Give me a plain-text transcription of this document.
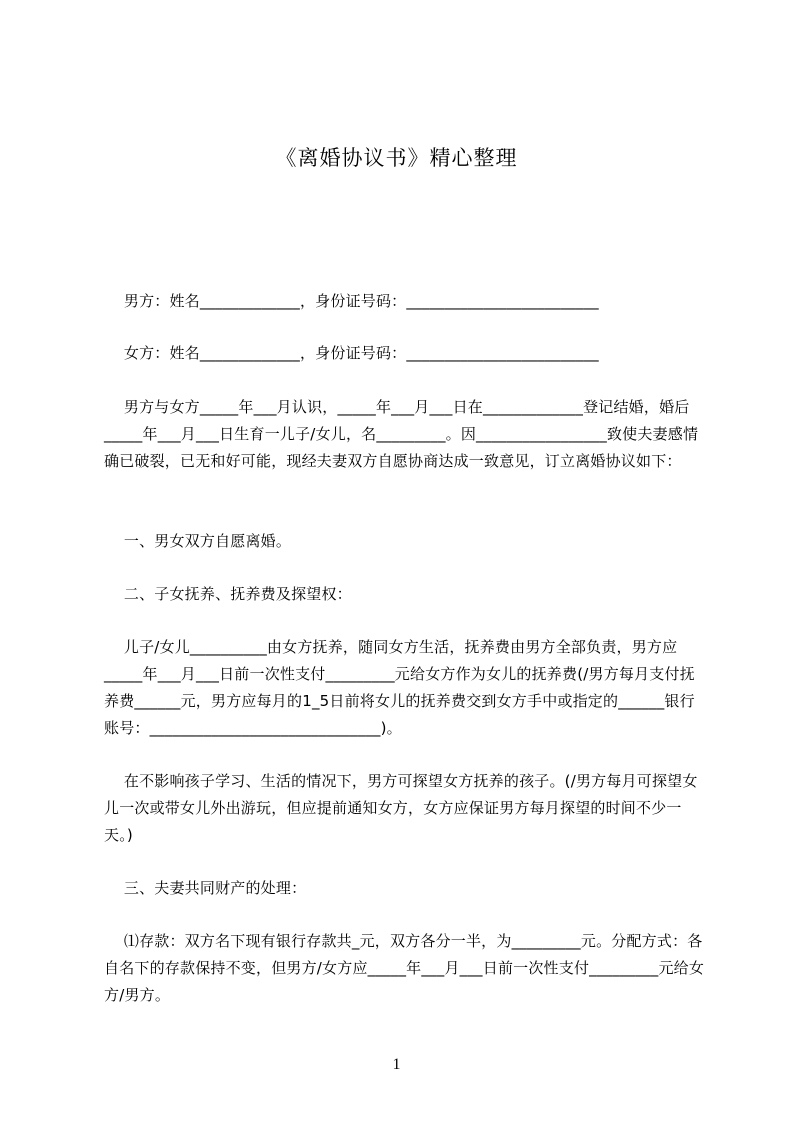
《离婚协议书》精心整理
男方：姓名_____________，身份证号码：_________________________
女方：姓名_____________，身份证号码：_________________________
男方与女方_____年___月认识，_____年___月___日在_____________登记结婚，婚后_____年___月___日生育一儿子/女儿，名_________。因_________________致使夫妻感情确已破裂，已无和好可能，现经夫妻双方自愿协商达成一致意见，订立离婚协议如下：
一、男女双方自愿离婚。
二、子女抚养、抚养费及探望权：
儿子/女儿__________由女方抚养，随同女方生活，抚养费由男方全部负责，男方应_____年___月___日前一次性支付_________元给女方作为女儿的抚养费(/男方每月支付抚养费______元，男方应每月的1_5日前将女儿的抚养费交到女方手中或指定的______银行账号：______________________________)。
在不影响孩子学习、生活的情况下，男方可探望女方抚养的孩子。(/男方每月可探望女儿一次或带女儿外出游玩，但应提前通知女方，女方应保证男方每月探望的时间不少一天。)
三、夫妻共同财产的处理：
⑴存款：双方名下现有银行存款共_元，双方各分一半，为_________元。分配方式：各自名下的存款保持不变，但男方/女方应_____年___月___日前一次性支付_________元给女方/男方。
1
